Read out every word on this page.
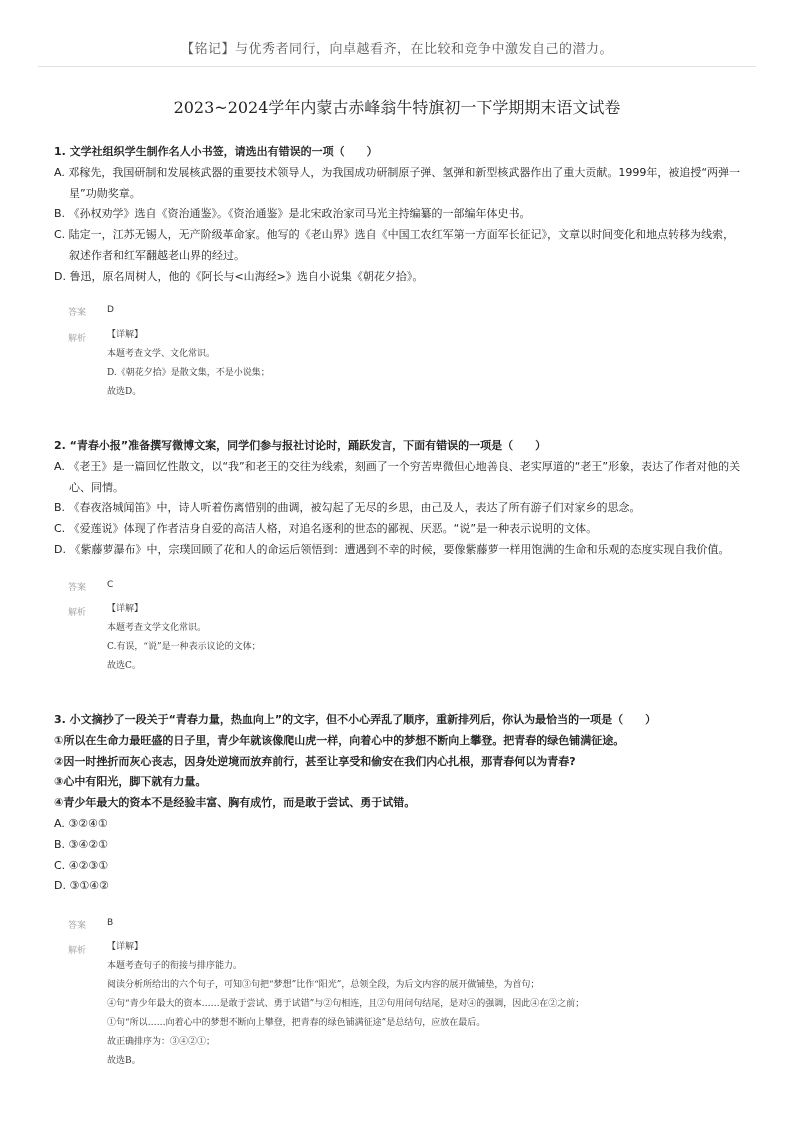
【铭记】与优秀者同行，向卓越看齐，在比较和竞争中激发自己的潜力。
2023~2024学年内蒙古赤峰翁牛特旗初一下学期期末语文试卷
1. 文学社组织学生制作名人小书签，请选出有错误的一项（　　）
A. 邓稼先，我国研制和发展核武器的重要技术领导人，为我国成功研制原子弹、氢弹和新型核武器作出了重大贡献。1999年，被追授“两弹一星”功勋奖章。
B. 《孙权劝学》选自《资治通鉴》。《资治通鉴》是北宋政治家司马光主持编纂的一部编年体史书。
C. 陆定一，江苏无锡人，无产阶级革命家。他写的《老山界》选自《中国工农红军第一方面军长征记》，文章以时间变化和地点转移为线索，叙述作者和红军翻越老山界的经过。
D. 鲁迅，原名周树人，他的《阿长与<山海经>》选自小说集《朝花夕拾》。
答案 D
解析 【详解】
本题考查文学、文化常识。
D.《朝花夕拾》是散文集，不是小说集；
故选D。
2. “青春小报”准备撰写微博文案，同学们参与报社讨论时，踊跃发言，下面有错误的一项是（　　）
A. 《老王》是一篇回忆性散文，以“我”和老王的交往为线索，刻画了一个穷苦卑微但心地善良、老实厚道的“老王”形象，表达了作者对他的关心、同情。
B. 《春夜洛城闻笛》中，诗人听着伤离惜别的曲调，被勾起了无尽的乡思，由己及人，表达了所有游子们对家乡的思念。
C. 《爱莲说》体现了作者洁身自爱的高洁人格，对追名逐利的世态的鄙视、厌恶。“说”是一种表示说明的文体。
D. 《紫藤萝瀑布》中，宗璞回顾了花和人的命运后领悟到：遭遇到不幸的时候，要像紫藤萝一样用饱满的生命和乐观的态度实现自我价值。
答案 C
解析 【详解】
本题考查文学文化常识。
C.有误，“说”是一种表示议论的文体；
故选C。
3. 小文摘抄了一段关于“青春力量，热血向上”的文字，但不小心弄乱了顺序，重新排列后，你认为最恰当的一项是（　　）
①所以在生命力最旺盛的日子里，青少年就该像爬山虎一样，向着心中的梦想不断向上攀登。把青春的绿色铺满征途。
②因一时挫折而灰心丧志，因身处逆境而放弃前行，甚至让享受和偷安在我们内心扎根，那青春何以为青春?
③心中有阳光，脚下就有力量。
④青少年最大的资本不是经验丰富、胸有成竹，而是敢于尝试、勇于试错。
A. ③②④①
B. ③④②①
C. ④②③①
D. ③①④②
答案 B
解析 【详解】
本题考查句子的衔接与排序能力。
阅读分析所给出的六个句子，可知③句把“梦想”比作“阳光”，总领全段，为后文内容的展开做铺垫，为首句；
④句“青少年最大的资本……是敢于尝试、勇于试错”与②句相连，且②句用问句结尾，是对④的强调，因此④在②之前；
①句“所以……向着心中的梦想不断向上攀登，把青春的绿色铺满征途”是总结句，应放在最后。
故正确排序为：③④②①；
故选B。
